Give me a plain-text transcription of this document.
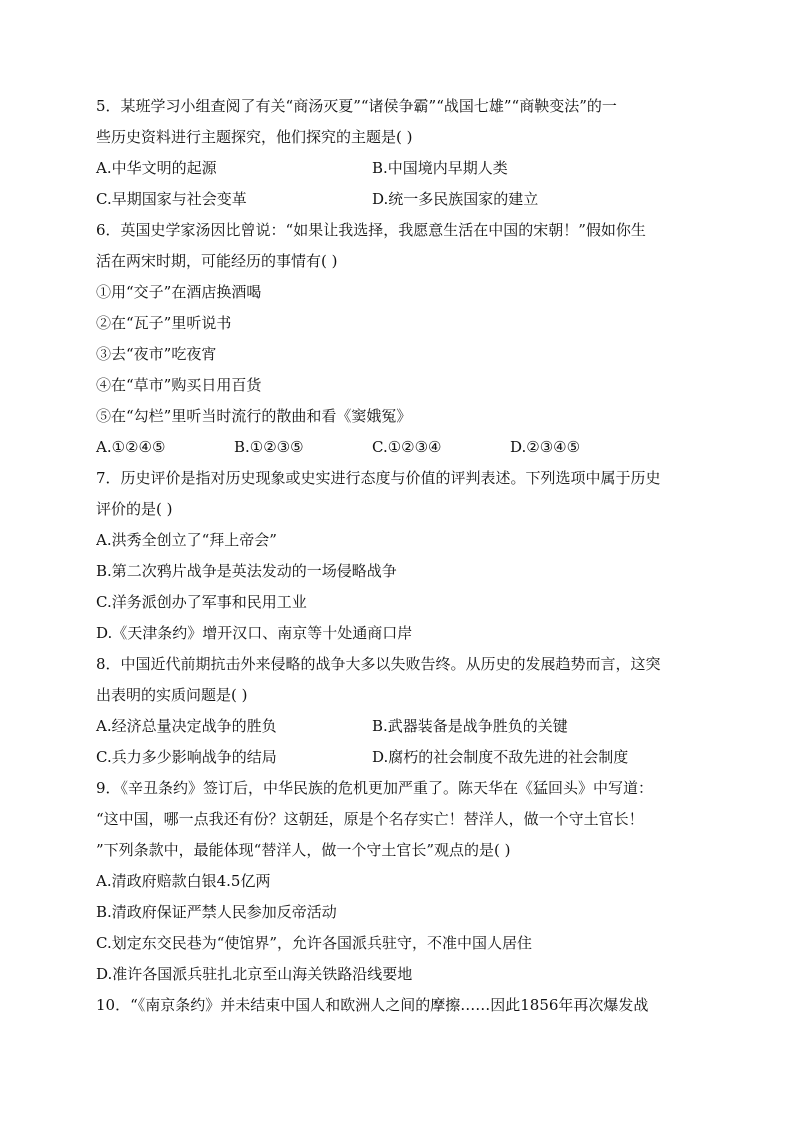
5．某班学习小组查阅了有关“商汤灭夏”“诸侯争霸”“战国七雄”“商鞅变法”的一
些历史资料进行主题探究，他们探究的主题是( )
A.中华文明的起源	B.中国境内早期人类
C.早期国家与社会变革	D.统一多民族国家的建立
6．英国史学家汤因比曾说：“如果让我选择，我愿意生活在中国的宋朝！”假如你生
活在两宋时期，可能经历的事情有( )
①用“交子”在酒店换酒喝
②在“瓦子”里听说书
③去“夜市”吃夜宵
④在“草市”购买日用百货
⑤在“勾栏”里听当时流行的散曲和看《窦娥冤》
A.①②④⑤	B.①②③⑤	C.①②③④	D.②③④⑤
7．历史评价是指对历史现象或史实进行态度与价值的评判表述。下列选项中属于历史
评价的是( )
A.洪秀全创立了“拜上帝会”
B.第二次鸦片战争是英法发动的一场侵略战争
C.洋务派创办了军事和民用工业
D.《天津条约》增开汉口、南京等十处通商口岸
8．中国近代前期抗击外来侵略的战争大多以失败告终。从历史的发展趋势而言，这突
出表明的实质问题是( )
A.经济总量决定战争的胜负	B.武器装备是战争胜负的关键
C.兵力多少影响战争的结局	D.腐朽的社会制度不敌先进的社会制度
9．《辛丑条约》签订后，中华民族的危机更加严重了。陈天华在《猛回头》中写道：
“这中国，哪一点我还有份？这朝廷，原是个名存实亡！替洋人，做一个守土官长！
”下列条款中，最能体现“替洋人，做一个守土官长”观点的是( )
A.清政府赔款白银4.5亿两
B.清政府保证严禁人民参加反帝活动
C.划定东交民巷为“使馆界”，允许各国派兵驻守，不准中国人居住
D.准许各国派兵驻扎北京至山海关铁路沿线要地
10．“《南京条约》并未结束中国人和欧洲人之间的摩擦……因此1856年再次爆发战
